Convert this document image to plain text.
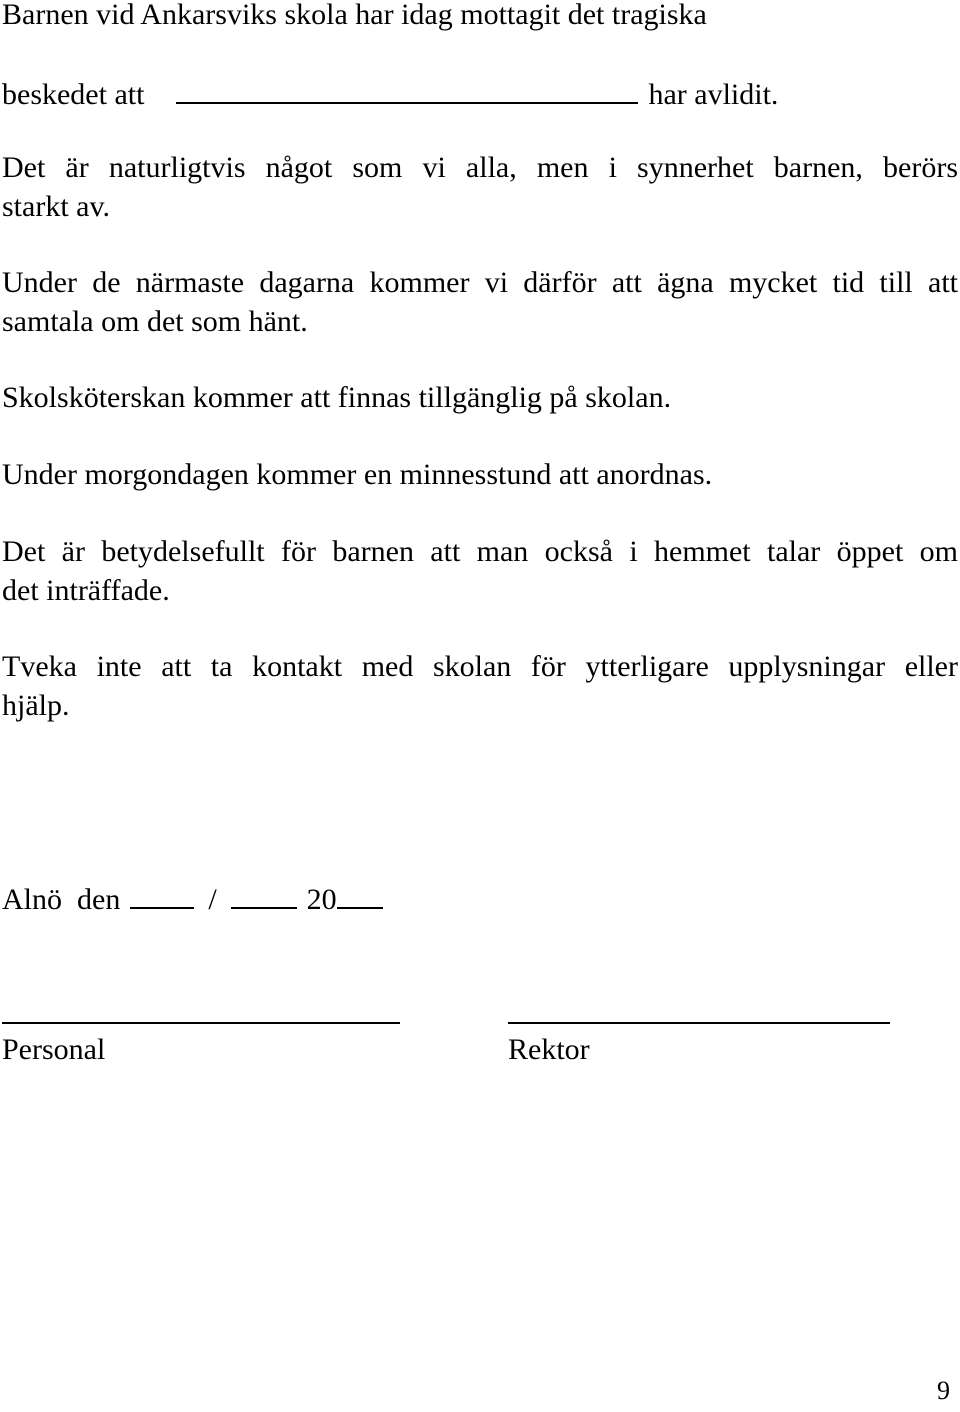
Barnen vid Ankarsviks skola har idag mottagit det tragiska
beskedet att	har avlidit.
Det är naturligtvis något som vi alla, men i synnerhet barnen, berörs
starkt av.
Under de närmaste dagarna kommer vi därför att ägna mycket tid till att
samtala om det som hänt.
Skolsköterskan kommer att finnas tillgänglig på skolan.
Under morgondagen kommer en minnesstund att anordnas.
Det är betydelsefullt för barnen att man också i hemmet talar öppet om
det inträffade.
Tveka inte att ta kontakt med skolan för ytterligare upplysningar eller
hjälp.
Alnö  den	/	20
Personal	Rektor
9
